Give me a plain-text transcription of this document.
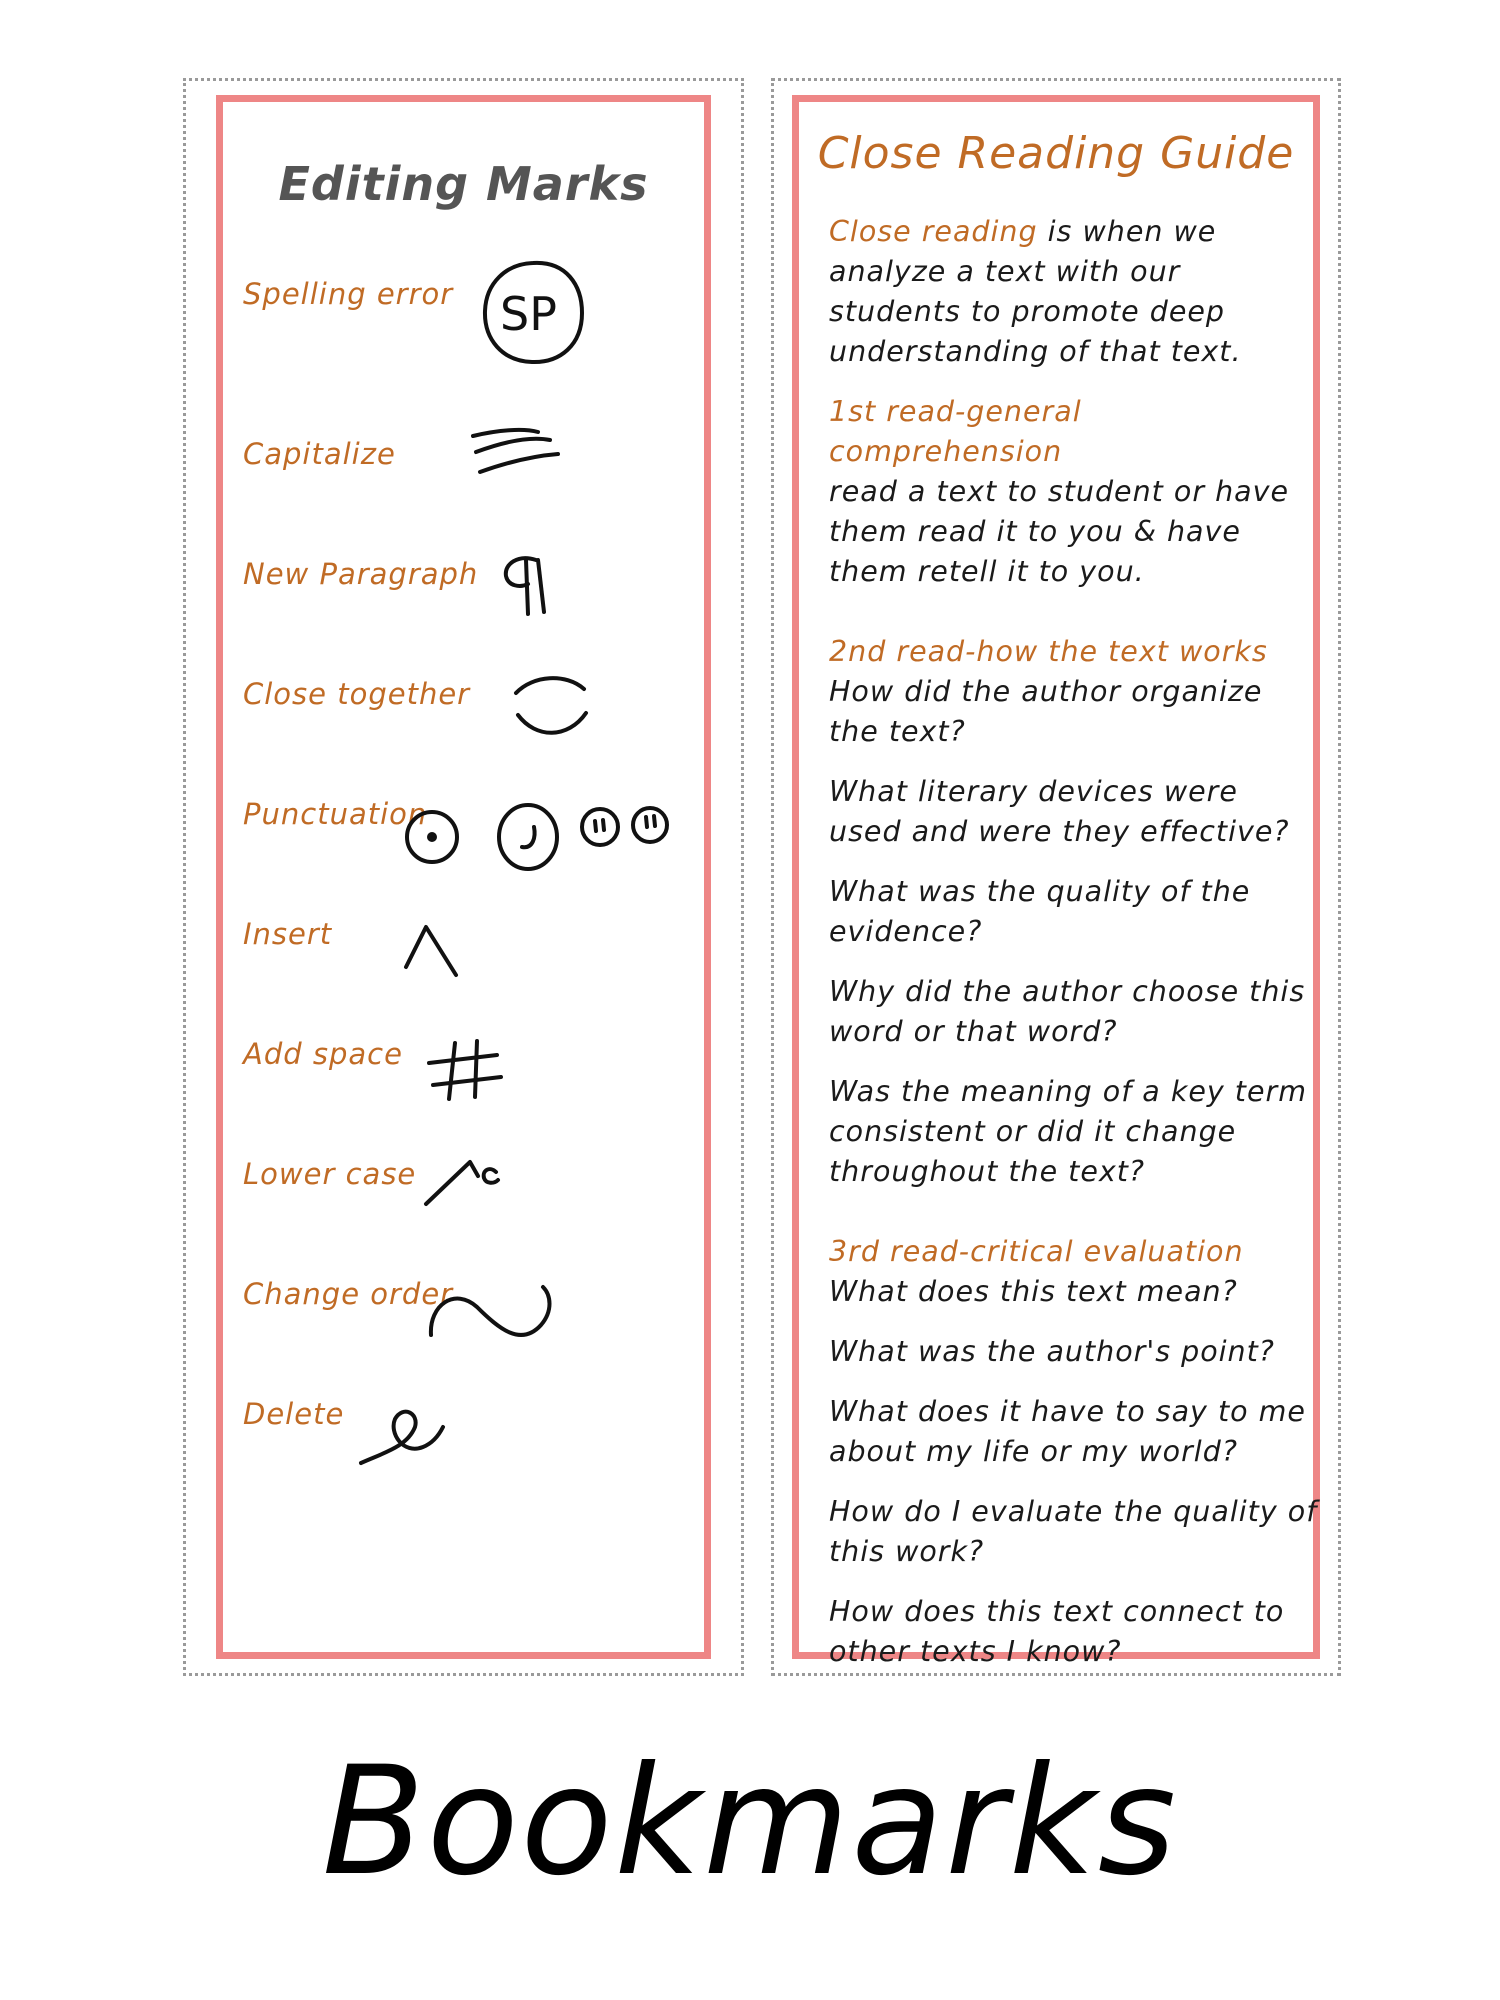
Editing Marks
Spelling error SP
Capitalize
New Paragraph
Close together
Punctuation
Insert
Add space
Lower case
Change order
Delete
Close Reading Guide

Close reading is when we analyze a text with our students to promote deep understanding of that text.

1st read-general comprehension

read a text to student or have them read it to you & have them retell it to you.

2nd read-how the text works

How did the author organize the text?

What literary devices were used and were they effective?

What was the quality of the evidence?

Why did the author choose this word or that word?

Was the meaning of a key term consistent or did it change throughout the text?

3rd read-critical evaluation

What does this text mean?

What was the author's point?

What does it have to say to me about my life or my world?

How do I evaluate the quality of this work?

How does this text connect to other texts I know?

Bookmarks
